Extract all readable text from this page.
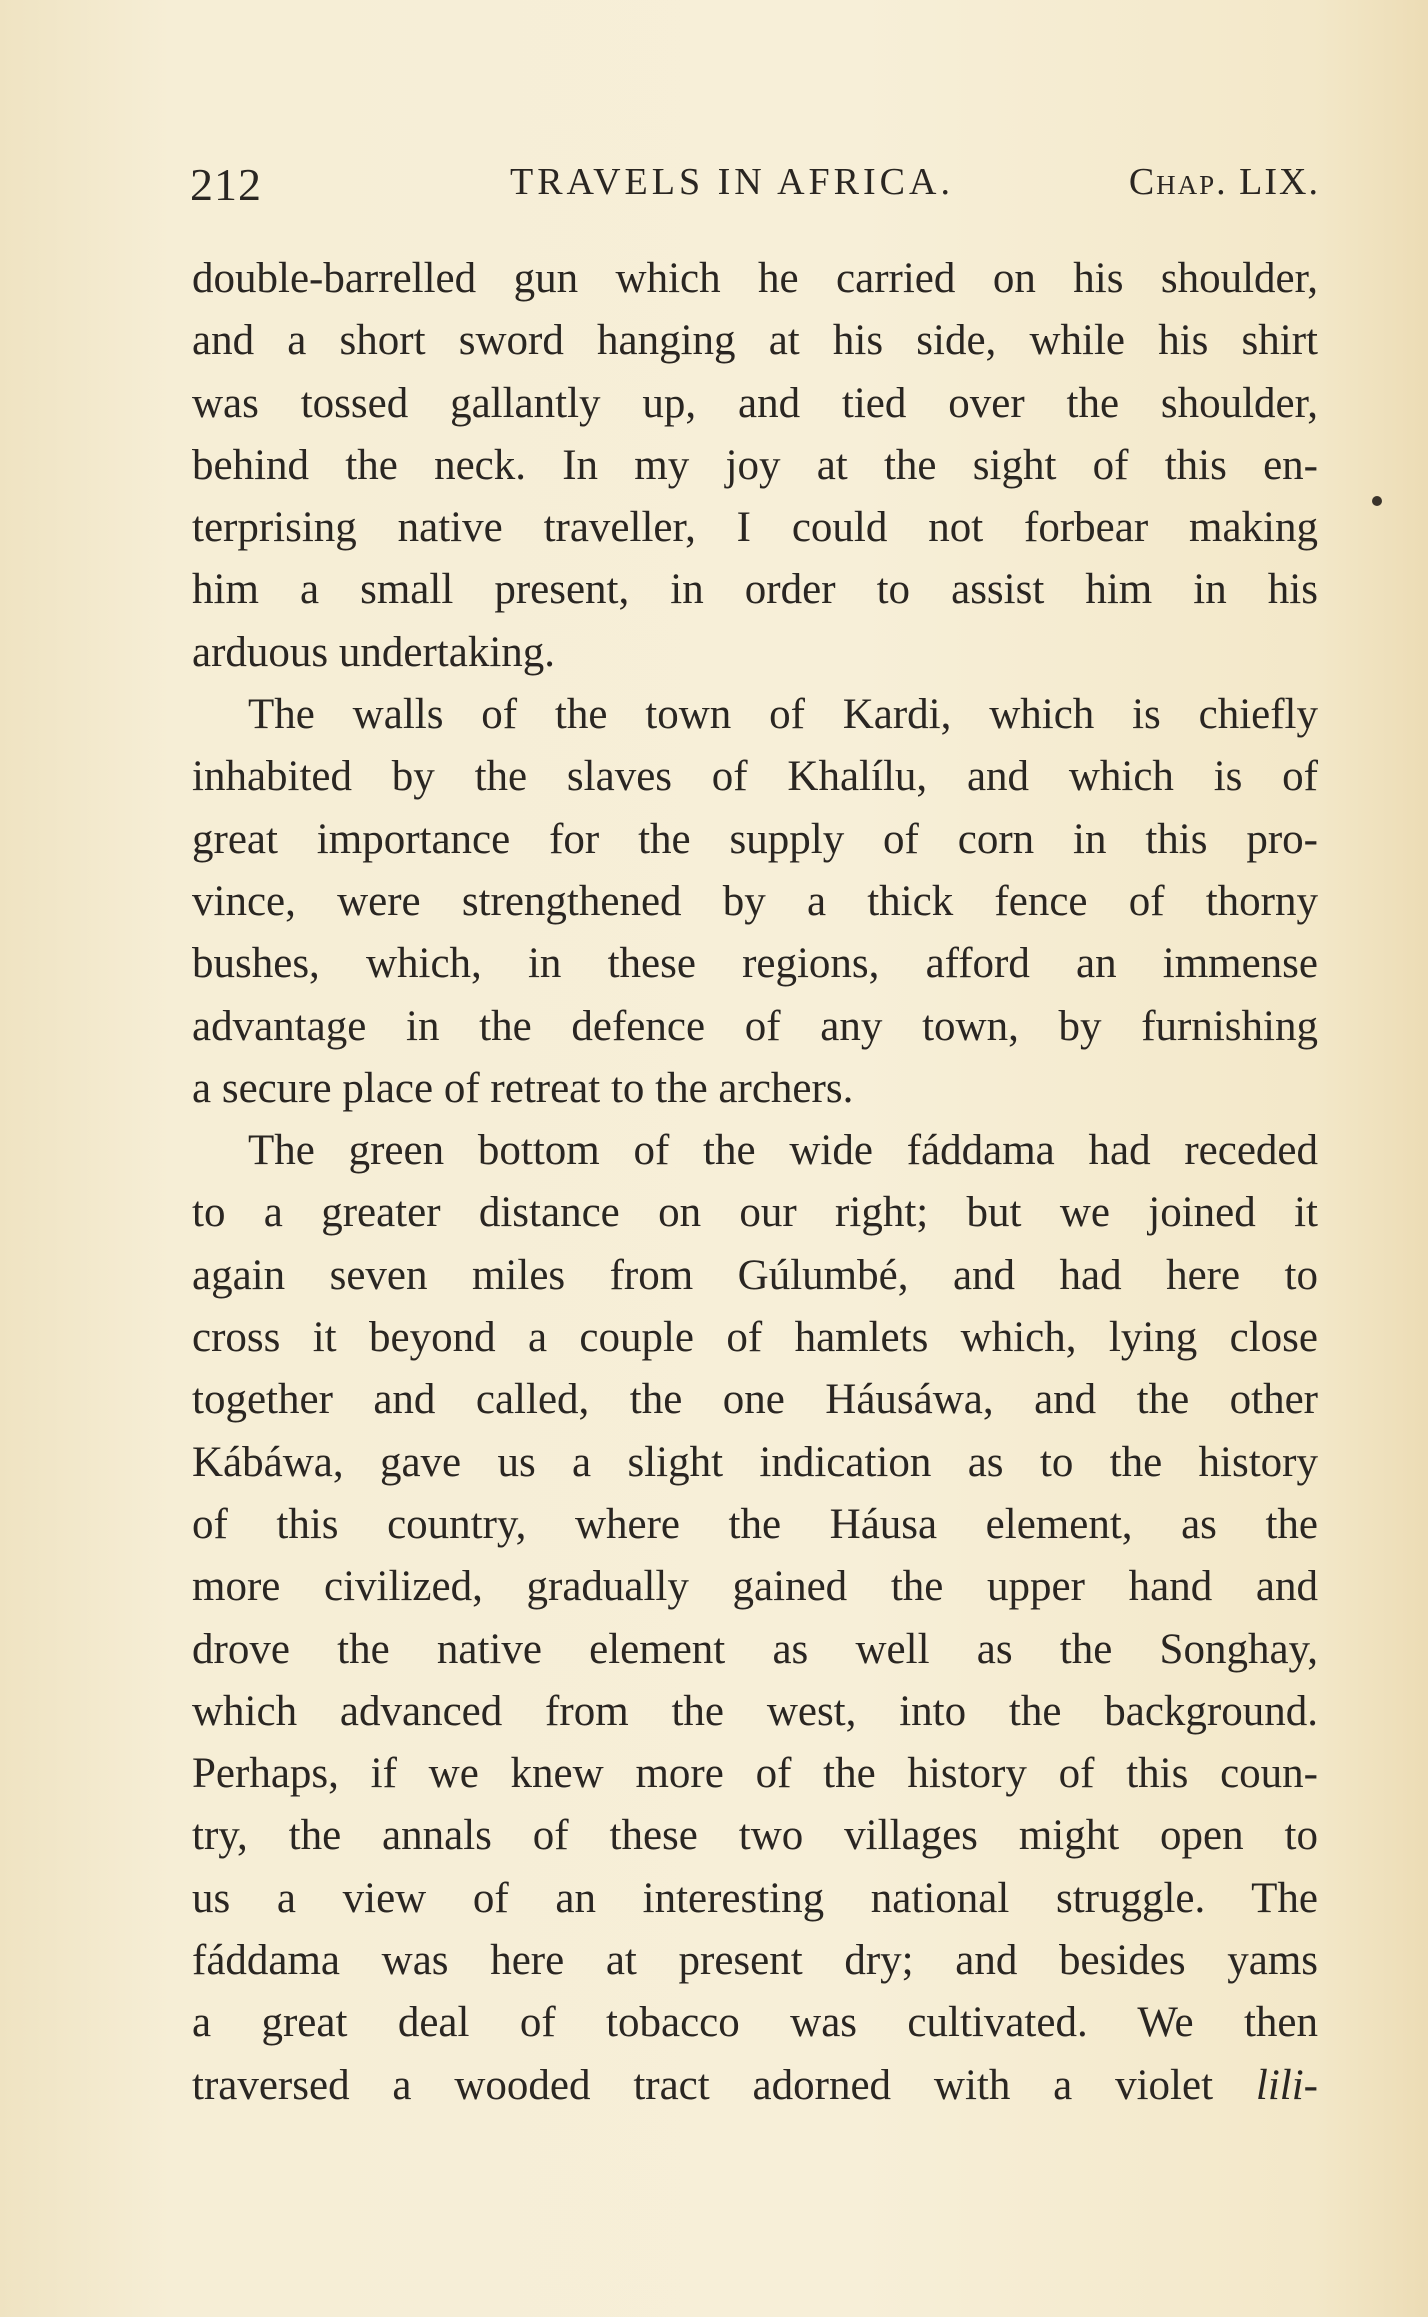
212	TRAVELS IN AFRICA.	Chap. LIX.
double-barrelled gun which he carried on his shoulder,
and a short sword hanging at his side, while his shirt
was tossed gallantly up, and tied over the shoulder,
behind the neck. In my joy at the sight of this en-
terprising native traveller, I could not forbear making
him a small present, in order to assist him in his
arduous undertaking.
The walls of the town of Kardi, which is chiefly
inhabited by the slaves of Khalílu, and which is of
great importance for the supply of corn in this pro-
vince, were strengthened by a thick fence of thorny
bushes, which, in these regions, afford an immense
advantage in the defence of any town, by furnishing
a secure place of retreat to the archers.
The green bottom of the wide fáddama had receded
to a greater distance on our right; but we joined it
again seven miles from Gúlumbé, and had here to
cross it beyond a couple of hamlets which, lying close
together and called, the one Háusáwa, and the other
Kábáwa, gave us a slight indication as to the history
of this country, where the Háusa element, as the
more civilized, gradually gained the upper hand and
drove the native element as well as the Songhay,
which advanced from the west, into the background.
Perhaps, if we knew more of the history of this coun-
try, the annals of these two villages might open to
us a view of an interesting national struggle. The
fáddama was here at present dry; and besides yams
a great deal of tobacco was cultivated. We then
traversed a wooded tract adorned with a violet lili-
